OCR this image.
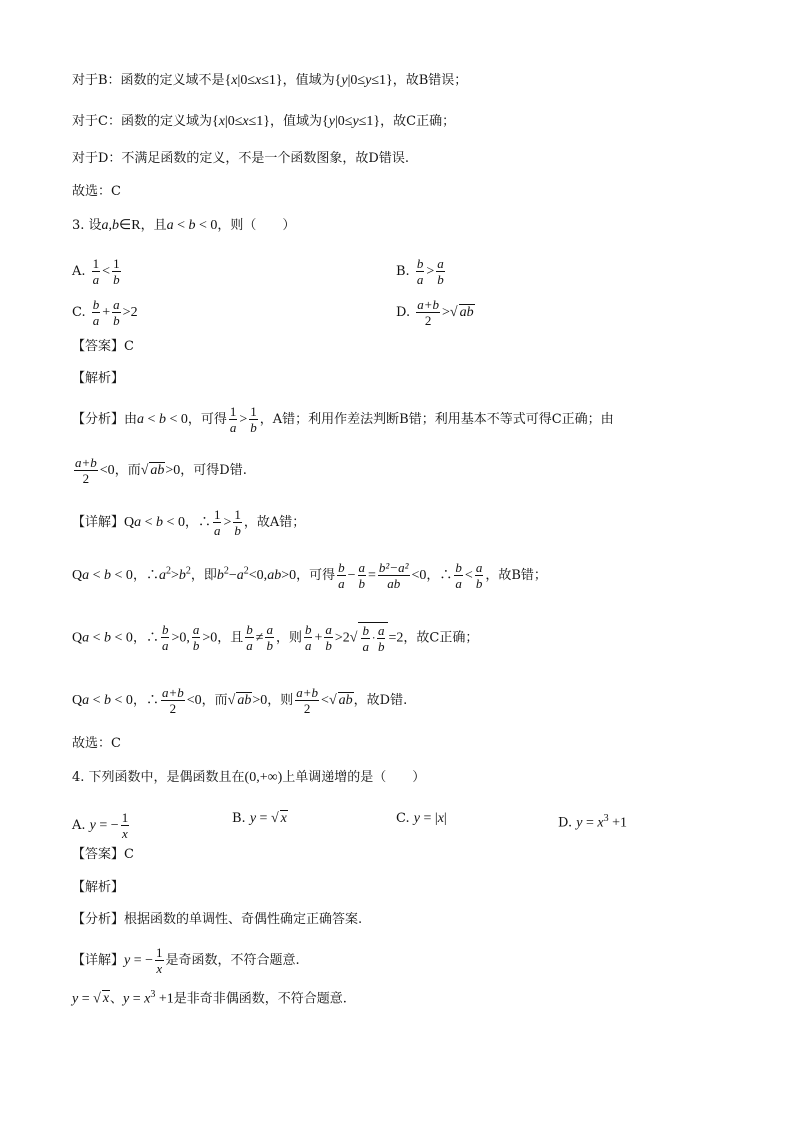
对于B：函数的定义域不是{x|0≤x≤1}，值域为{y|0≤y≤1}，故B错误；
对于C：函数的定义域为{x|0≤x≤1}，值域为{y|0≤y≤1}，故C正确；
对于D：不满足函数的定义，不是一个函数图象，故D错误.
故选：C
3. 设a,b∈R，且a < b < 0，则（　　）
A. $\frac{1}{a} < \frac{1}{b}$	B. $\frac{b}{a} > \frac{a}{b}$
C. $\frac{b}{a} + \frac{a}{b} >2$	D. $\frac{a+b}{2}$ >√ ab
【答案】C
【解析】
【分析】由a < b < 0，可得 $\frac{1}{a} > \frac{1}{b}$ ，A错；利用作差法判断B错；利用基本不等式可得C正确；由
$\frac{a+b}{2} <0$，而√ ab>0，可得D错.
【详解】Qa < b < 0，∴ $\frac{1}{a} > \frac{1}{b}$ ，故A错；
Qa < b < 0，$\therefore a^2>b^2$，即$b^2-a^2<0,ab>0$，可得 $\frac{b}{a} - \frac{a}{b} = \frac{\text{b²−a²}}{ab} <0$，∴ $\frac{b}{a} < \frac{a}{b}$ ，故B错；
Qa < b < 0，∴ $\frac{b}{a} >0$, $\frac{a}{b} >0$，且 $\frac{b}{a} \ne \frac{a}{b}$ ，则 $\frac{b}{a} + \frac{a}{b} >2√ \frac{b}{a} \cdot \frac{a}{b} =2$，故C正确；
Qa < b < 0，∴ $\frac{a+b}{2} <0$，而√ ab>0，则 $\frac{a+b}{2}$ <√ ab，故D错.
故选：C
4. 下列函数中，是偶函数且在(0,+∞)上单调递增的是（　　）
A. y = − $\frac{1}{x}$	B. y = √ x	C. y = |x|	D. $y = x^3 +1$
【答案】C
【解析】
【分析】根据函数的单调性、奇偶性确定正确答案.
【详解】y = − $\frac{1}{x}$ 是奇函数，不符合题意.
y = √ x、$y = x^3 +1$是非奇非偶函数，不符合题意.
